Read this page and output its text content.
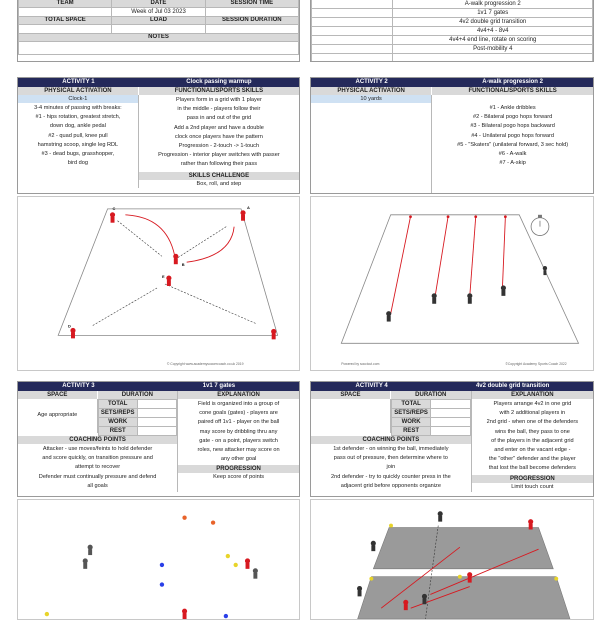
TEAM	DATE	SESSION TIME
	Week of Jul 03 2023	
TOTAL SPACE	LOAD	SESSION DURATION

NOTES		

	A-walk progression 2
	1v1 7 gates
	4v2 double grid transition
	4v4+4 - 8v4
	4v4+4 end line, rotate on scoring
	Post-mobility 4

ACTIVITY 1	Clock passing warmup
PHYSICAL ACTIVATION	FUNCTIONAL/SPORTS SKILLS
Clock-1
3-4 minutes of passing with breaks:
#1 - hips rotation, greatest stretch,
down dog, ankle pedal
#2 - quad pull, knee pull
hamstring scoop, single leg RDL
#3 - dead bugs, grasshopper,
bird dog
Players form in a grid with 1 player
in the middle - players follow their
pass in and out of the grid
Add a 2nd player and have a double
clock once players have the pattern
Progression - 2-touch -> 1-touch
Progression - interior player switches with passer
rather than following their pass
SKILLS CHALLENGE
Box, roll, and step
C	A
B
E
D
© Copyright www.academysoccercoach.co.uk 2019
ACTIVITY 2	A-walk progression 2
PHYSICAL ACTIVATION	FUNCTIONAL/SPORTS SKILLS
10 yards
#1 - Ankle dribbles
#2 - Bilateral pogo hops forward
#3 - Bilateral pogo hops backward
#4 - Unilateral pogo hops forward
#5 - "Skaters" (unilateral forward, 3 sec hold)
#6 - A-walk
#7 - A-skip
Powered by soccicut.com	©Copyright Academy Sports Coach 2022
ACTIVITY 3	1v1 7 gates
SPACE	DURATION
Age appropriate
TOTAL	
SETS/REPS	
WORK	
REST	
COACHING POINTS
Attacker - use moves/feints to hold defender
and score quickly, on transition pressure and
attempt to recover
Defender must continually pressure and defend
all goals
EXPLANATION
Field is organized into a group of
cone goals (gates) - players are
paired off 1v1 - player on the ball
may score by dribbling thru any
gate - on a point, players switch
roles, new attacker may score on
any other goal
PROGRESSION
Keep score of points
ACTIVITY 4	4v2 double grid transition
SPACE	DURATION
TOTAL	
SETS/REPS	
WORK	
REST	
COACHING POINTS
1st defender - on winning the ball, immediately
pass out of pressure, then determine where to
join
2nd defender - try to quickly counter press in the
adjacent grid before opponents organize
EXPLANATION
Players arrange 4v2 in one grid
with 2 additional players in
2nd grid - when one of the defenders
wins the ball, they pass to one
of the players in the adjacent grid
and enter on the vacant edge -
the "other" defender and the player
that lost the ball become defenders
PROGRESSION
Limit touch count
